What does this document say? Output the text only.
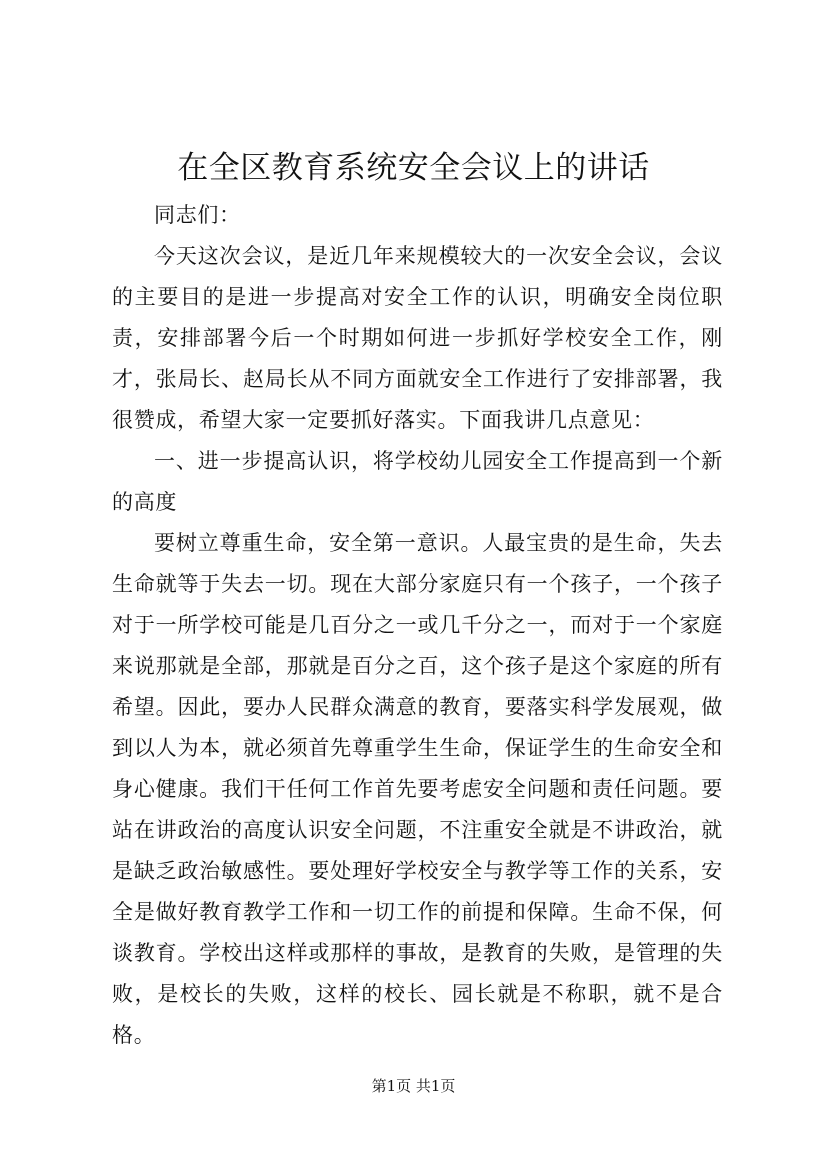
在全区教育系统安全会议上的讲话

同志们：

今天这次会议，是近几年来规模较大的一次安全会议，会议的主要目的是进一步提高对安全工作的认识，明确安全岗位职责，安排部署今后一个时期如何进一步抓好学校安全工作，刚才，张局长、赵局长从不同方面就安全工作进行了安排部署，我很赞成，希望大家一定要抓好落实。下面我讲几点意见：

一、进一步提高认识，将学校幼儿园安全工作提高到一个新的高度

要树立尊重生命，安全第一意识。人最宝贵的是生命，失去生命就等于失去一切。现在大部分家庭只有一个孩子，一个孩子对于一所学校可能是几百分之一或几千分之一，而对于一个家庭来说那就是全部，那就是百分之百，这个孩子是这个家庭的所有希望。因此，要办人民群众满意的教育，要落实科学发展观，做到以人为本，就必须首先尊重学生生命，保证学生的生命安全和身心健康。我们干任何工作首先要考虑安全问题和责任问题。要站在讲政治的高度认识安全问题，不注重安全就是不讲政治，就是缺乏政治敏感性。要处理好学校安全与教学等工作的关系，安全是做好教育教学工作和一切工作的前提和保障。生命不保，何谈教育。学校出这样或那样的事故，是教育的失败，是管理的失败，是校长的失败，这样的校长、园长就是不称职，就不是合格。

第1页 共1页
